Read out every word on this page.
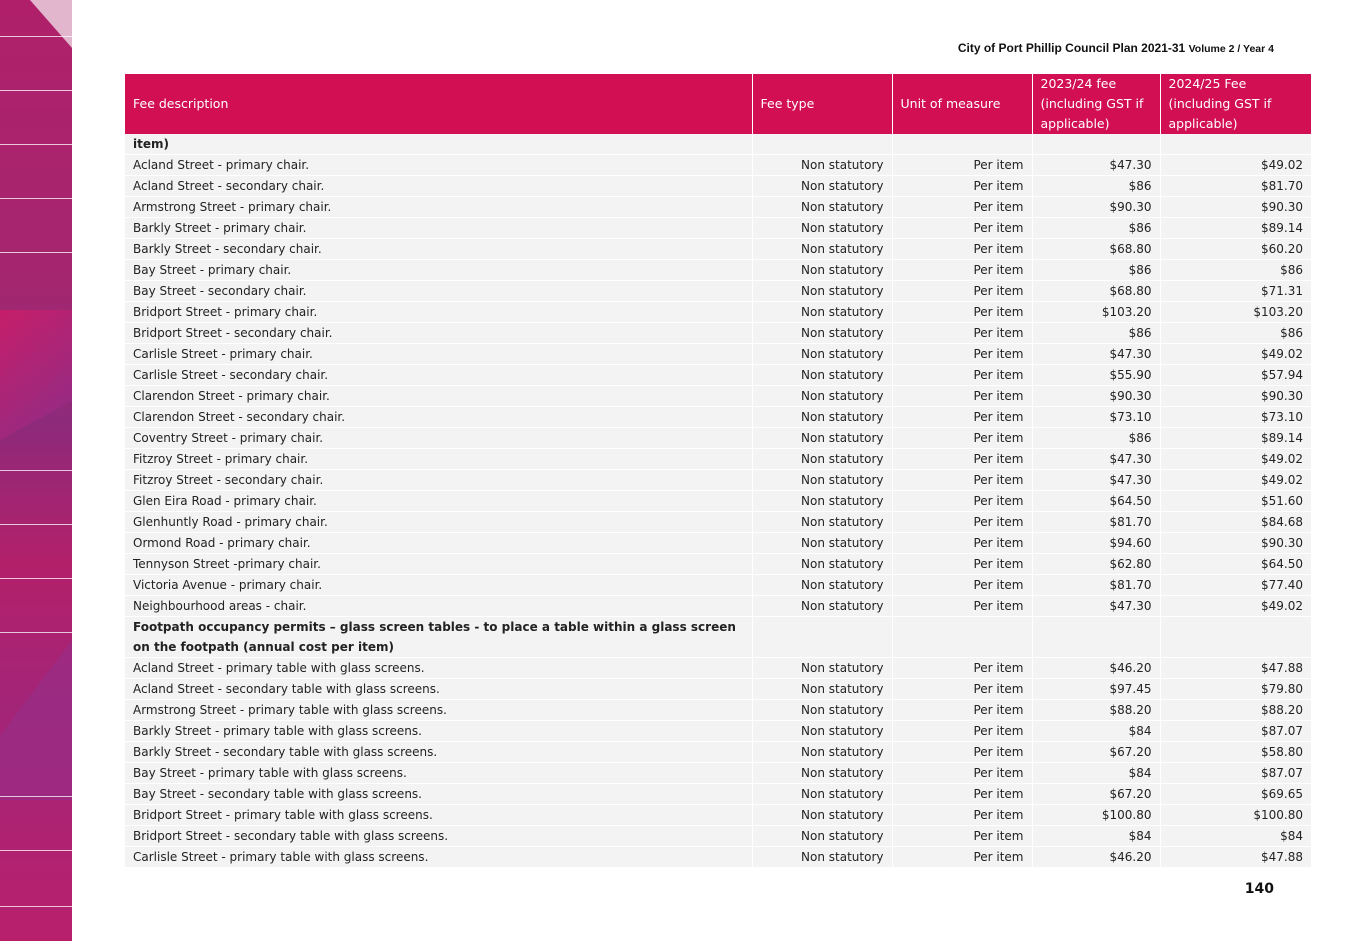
City of Port Phillip Council Plan 2021-31 Volume 2 / Year 4
Fee description	Fee type	Unit of measure	2023/24 fee (including GST if applicable)	2024/25 Fee (including GST if applicable)
item)				
Acland Street - primary chair.	Non statutory	Per item	$47.30	$49.02
Acland Street - secondary chair.	Non statutory	Per item	$86	$81.70
Armstrong Street - primary chair.	Non statutory	Per item	$90.30	$90.30
Barkly Street - primary chair.	Non statutory	Per item	$86	$89.14
Barkly Street - secondary chair.	Non statutory	Per item	$68.80	$60.20
Bay Street - primary chair.	Non statutory	Per item	$86	$86
Bay Street - secondary chair.	Non statutory	Per item	$68.80	$71.31
Bridport Street - primary chair.	Non statutory	Per item	$103.20	$103.20
Bridport Street - secondary chair.	Non statutory	Per item	$86	$86
Carlisle Street - primary chair.	Non statutory	Per item	$47.30	$49.02
Carlisle Street - secondary chair.	Non statutory	Per item	$55.90	$57.94
Clarendon Street - primary chair.	Non statutory	Per item	$90.30	$90.30
Clarendon Street - secondary chair.	Non statutory	Per item	$73.10	$73.10
Coventry Street - primary chair.	Non statutory	Per item	$86	$89.14
Fitzroy Street - primary chair.	Non statutory	Per item	$47.30	$49.02
Fitzroy Street - secondary chair.	Non statutory	Per item	$47.30	$49.02
Glen Eira Road - primary chair.	Non statutory	Per item	$64.50	$51.60
Glenhuntly Road - primary chair.	Non statutory	Per item	$81.70	$84.68
Ormond Road - primary chair.	Non statutory	Per item	$94.60	$90.30
Tennyson Street -primary chair.	Non statutory	Per item	$62.80	$64.50
Victoria Avenue - primary chair.	Non statutory	Per item	$81.70	$77.40
Neighbourhood areas - chair.	Non statutory	Per item	$47.30	$49.02
Footpath occupancy permits – glass screen tables - to place a table within a glass screen on the footpath (annual cost per item)				
Acland Street - primary table with glass screens.	Non statutory	Per item	$46.20	$47.88
Acland Street - secondary table with glass screens.	Non statutory	Per item	$97.45	$79.80
Armstrong Street - primary table with glass screens.	Non statutory	Per item	$88.20	$88.20
Barkly Street - primary table with glass screens.	Non statutory	Per item	$84	$87.07
Barkly Street - secondary table with glass screens.	Non statutory	Per item	$67.20	$58.80
Bay Street - primary table with glass screens.	Non statutory	Per item	$84	$87.07
Bay Street - secondary table with glass screens.	Non statutory	Per item	$67.20	$69.65
Bridport Street - primary table with glass screens.	Non statutory	Per item	$100.80	$100.80
Bridport Street - secondary table with glass screens.	Non statutory	Per item	$84	$84
Carlisle Street - primary table with glass screens.	Non statutory	Per item	$46.20	$47.88
140
